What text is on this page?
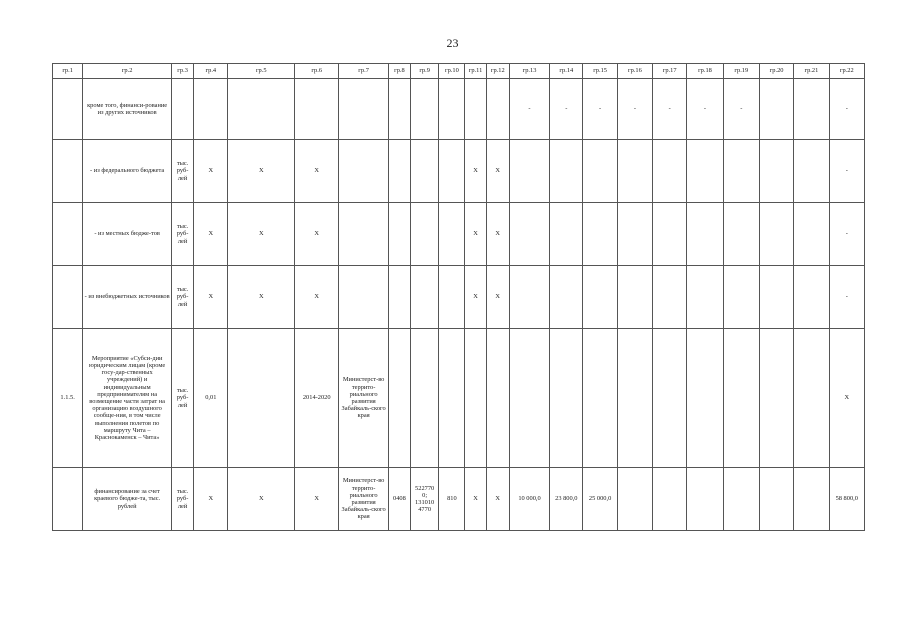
23
гр.1	гр.2	гр.3	гр.4	гр.5	гр.6	гр.7	гр.8	гр.9	гр.10	гр.11	гр.12	гр.13	гр.14	гр.15	гр.16	гр.17	гр.18	гр.19	гр.20	гр.21	гр.22
	кроме того, финанси-рование из других источников											-	-	-	-	-	-	-			-
	- из федерального бюджета	тыс. руб-лей	X	X	X					X	X										-
	- из местных бюдже-тов	тыс. руб-лей	X	X	X					X	X										-
	- из внебюджетных источников	тыс. руб-лей	X	X	X					X	X										-
1.1.5.	Мероприятие «Субси-дии юридическим лицам (кроме госу-дар-ственных учреждений) и индивидуальным предпринимателям на возмещение части затрат на организацию воздушного сообще-ния, в том числе выполнения полетов по маршруту Чита – Краснокаменск – Чита»	тыс. руб-лей	0,01		2014-2020	Министерст-во террито-риального развития Забайкаль-ского края															X
	финансирование за счет краевого бюдже-та, тыс. рублей	тыс. руб-лей	X	X	X	Министерст-во террито-риального развития Забайкаль-ского края	0408	522770 0; 131010 4770	810	X	X	10 000,0	23 800,0	25 000,0							58 800,0
